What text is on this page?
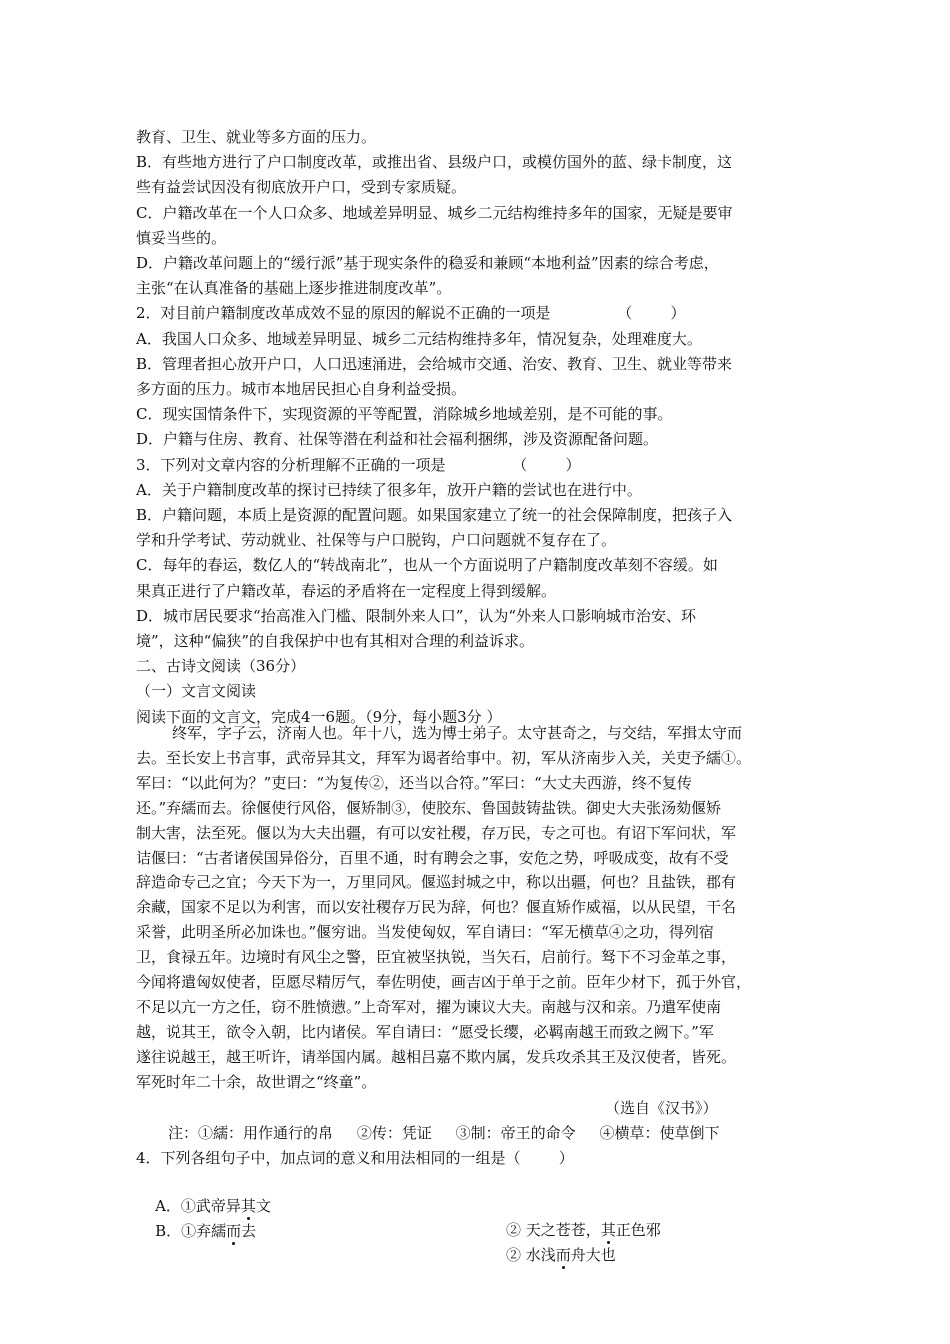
教育、卫生、就业等多方面的压力。
B．有些地方进行了户口制度改革，或推出省、县级户口，或模仿国外的蓝、绿卡制度，这
些有益尝试因没有彻底放开户口，受到专家质疑。
C．户籍改革在一个人口众多、地域差异明显、城乡二元结构维持多年的国家，无疑是要审
慎妥当些的。
D．户籍改革问题上的“缓行派”基于现实条件的稳妥和兼顾“本地利益”因素的综合考虑，
主张“在认真准备的基础上逐步推进制度改革”。
2．对目前户籍制度改革成效不显的原因的解说不正确的一项是              （        ）
A．我国人口众多、地域差异明显、城乡二元结构维持多年，情况复杂，处理难度大。
B．管理者担心放开户口，人口迅速涌进，会给城市交通、治安、教育、卫生、就业等带来
多方面的压力。城市本地居民担心自身利益受损。
C．现实国情条件下，实现资源的平等配置，消除城乡地域差别，是不可能的事。
D．户籍与住房、教育、社保等潜在利益和社会福利捆绑，涉及资源配备问题。
3．下列对文章内容的分析理解不正确的一项是              （        ）
A．关于户籍制度改革的探讨已持续了很多年，放开户籍的尝试也在进行中。
B．户籍问题，本质上是资源的配置问题。如果国家建立了统一的社会保障制度，把孩子入
学和升学考试、劳动就业、社保等与户口脱钩，户口问题就不复存在了。
C．每年的春运，数亿人的“转战南北”，也从一个方面说明了户籍制度改革刻不容缓。如
果真正进行了户籍改革，春运的矛盾将在一定程度上得到缓解。
D．城市居民要求“抬高准入门槛、限制外来人口”，认为“外来人口影响城市治安、环
境”，这种“偏狭”的自我保护中也有其相对合理的利益诉求。
二、古诗文阅读（36分）
（一）文言文阅读
阅读下面的文言文，完成4一6题。（9分，每小题3分 ）
终军，字子云，济南人也。年十八，选为博士弟子。太守甚奇之，与交结，军揖太守而
去。至长安上书言事，武帝异其文，拜军为谒者给事中。初，军从济南步入关，关吏予繻①。
军曰：“以此何为？”吏曰：“为复传②，还当以合符。”军曰：“大丈夫西游，终不复传
还。”弃繻而去。徐偃使行风俗，偃矫制③，使胶东、鲁国鼓铸盐铁。御史大夫张汤劾偃矫
制大害，法至死。偃以为大夫出疆，有可以安社稷，存万民，专之可也。有诏下军问状，军
诘偃曰：“古者诸侯国异俗分，百里不通，时有聘会之事，安危之势，呼吸成变，故有不受
辞造命专己之宜；今天下为一，万里同风。偃巡封城之中，称以出疆，何也？且盐铁，郡有
余藏，国家不足以为利害，而以安社稷存万民为辞，何也？偃直矫作威福，以从民望，干名
采誉，此明圣所必加诛也。”偃穷诎。当发使匈奴，军自请曰：“军无横草④之功，得列宿
卫，食禄五年。边境时有风尘之警，臣宜被坚执锐，当矢石，启前行。驽下不习金革之事，
今闻将遣匈奴使者，臣愿尽精厉气，奉佐明使，画吉凶于单于之前。臣年少材下，孤于外官，
不足以亢一方之任，窃不胜愤懑。”上奇军对，擢为谏议大夫。南越与汉和亲。乃遣军使南
越，说其王，欲令入朝，比内诸侯。军自请曰：“愿受长缨，必羁南越王而致之阙下。”军
遂往说越王，越王听许，请举国内属。越相吕嘉不欺内属，发兵攻杀其王及汉使者，皆死。
军死时年二十余，故世谓之“终童”。
（选自《汉书》）
注：①繻：用作通行的帛     ②传：凭证     ③制：帝王的命令     ④横草：使草倒下
4．下列各组句子中，加点词的意义和用法相同的一组是（        ）

A．①武帝异其文

② 天之苍苍，其正色邪

B．①弃繻而去

② 水浅而舟大也
